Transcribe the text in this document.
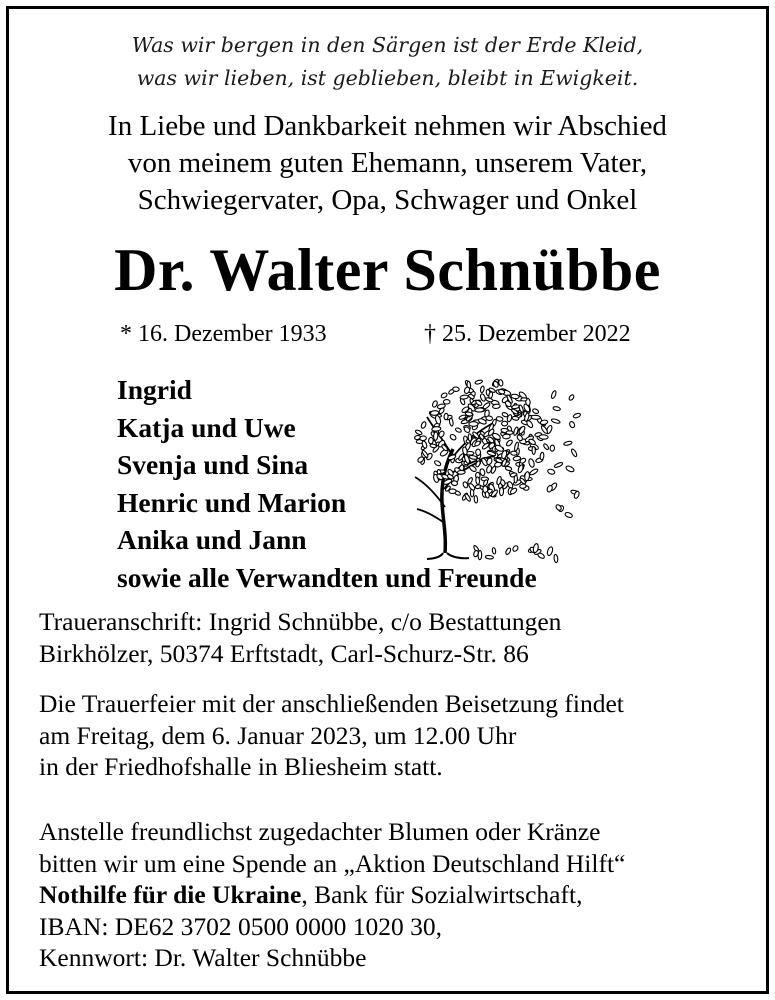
Was wir bergen in den Särgen ist der Erde Kleid,
was wir lieben, ist geblieben, bleibt in Ewigkeit.
In Liebe und Dankbarkeit nehmen wir Abschied
von meinem guten Ehemann, unserem Vater,
Schwiegervater, Opa, Schwager und Onkel
Dr. Walter Schnübbe
* 16. Dezember 1933	† 25. Dezember 2022
Ingrid
Katja und Uwe
Svenja und Sina
Henric und Marion
Anika und Jann
sowie alle Verwandten und Freunde
Traueranschrift: Ingrid Schnübbe, c/o Bestattungen
Birkhölzer, 50374 Erftstadt, Carl-Schurz-Str. 86
Die Trauerfeier mit der anschließenden Beisetzung findet
am Freitag, dem 6. Januar 2023, um 12.00 Uhr
in der Friedhofshalle in Bliesheim statt.
Anstelle freundlichst zugedachter Blumen oder Kränze
bitten wir um eine Spende an „Aktion Deutschland Hilft“
Nothilfe für die Ukraine, Bank für Sozialwirtschaft,
IBAN: DE62 3702 0500 0000 1020 30,
Kennwort: Dr. Walter Schnübbe
